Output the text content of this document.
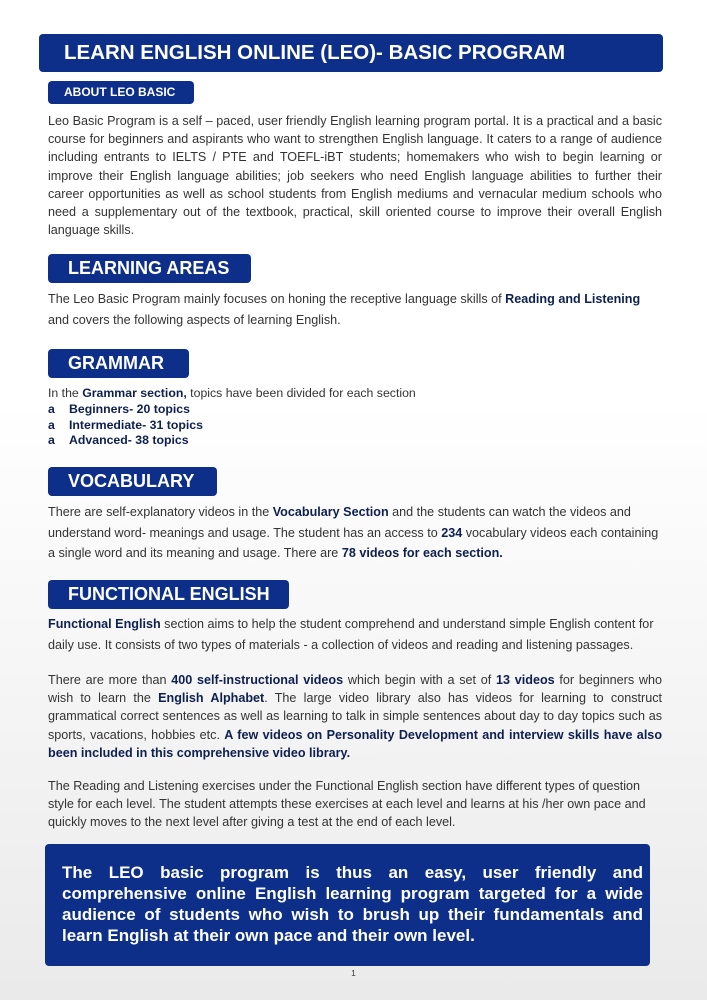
LEARN ENGLISH ONLINE (LEO)- BASIC PROGRAM
ABOUT LEO BASIC

Leo Basic Program is a self – paced, user friendly English learning program portal. It is a practical and a basic course for beginners and aspirants who want to strengthen English language. It caters to a range of audience including entrants to IELTS / PTE and TOEFL-iBT students; homemakers who wish to begin learning or improve their English language abilities; job seekers who need English language abilities to further their career opportunities as well as school students from English mediums and vernacular medium schools who need a supplementary out of the textbook, practical, skill oriented course to improve their overall English language skills.

LEARNING AREAS

The Leo Basic Program mainly focuses on honing the receptive language skills of Reading and Listening and covers the following aspects of learning English.

GRAMMAR

In the Grammar section, topics have been divided for each section

a	Beginners- 20 topics
a	Intermediate- 31 topics
a	Advanced- 38 topics
VOCABULARY

There are self-explanatory videos in the Vocabulary Section and the students can watch the videos and understand word- meanings and usage. The student has an access to 234 vocabulary videos each containing a single word and its meaning and usage. There are 78 videos for each section.

FUNCTIONAL ENGLISH

Functional English section aims to help the student comprehend and understand simple English content for daily use. It consists of two types of materials - a collection of videos and reading and listening passages.

There are more than 400 self-instructional videos which begin with a set of 13 videos for beginners who wish to learn the English Alphabet. The large video library also has videos for learning to construct grammatical correct sentences as well as learning to talk in simple sentences about day to day topics such as sports, vacations, hobbies etc. A few videos on Personality Development and interview skills have also been included in this comprehensive video library.

The Reading and Listening exercises under the Functional English section have different types of question style for each level. The student attempts these exercises at each level and learns at his /her own pace and quickly moves to the next level after giving a test at the end of each level.

The LEO basic program is thus an easy, user friendly and comprehensive online English learning program targeted for a wide audience of students who wish to brush up their fundamentals and learn English at their own pace and their own level.
1
